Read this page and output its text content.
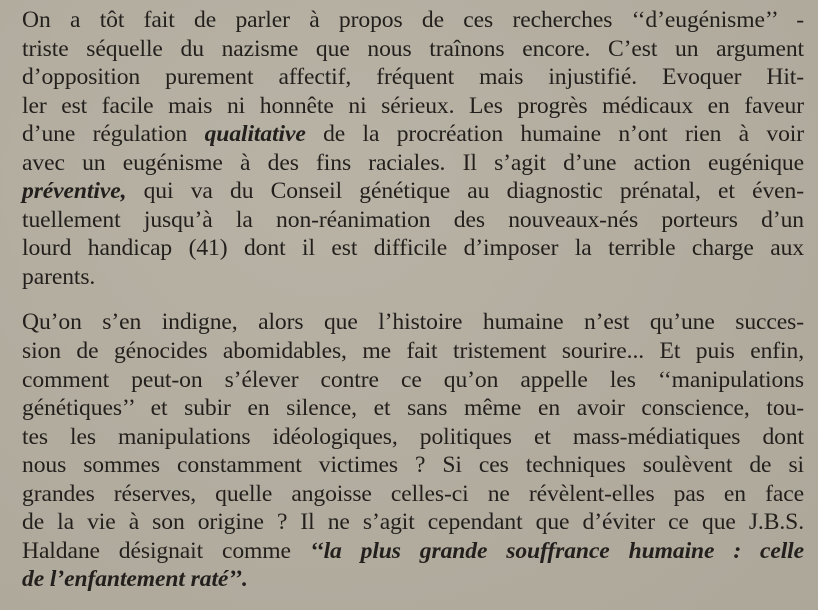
On a tôt fait de parler à propos de ces recherches ‘‘d’eugénisme’’ -
triste séquelle du nazisme que nous traînons encore. C’est un argument
d’opposition purement affectif, fréquent mais injustifié. Evoquer Hit-
ler est facile mais ni honnête ni sérieux. Les progrès médicaux en faveur
d’une régulation qualitative de la procréation humaine n’ont rien à voir
avec un eugénisme à des fins raciales. Il s’agit d’une action eugénique
préventive, qui va du Conseil génétique au diagnostic prénatal, et éven-
tuellement jusqu’à la non-réanimation des nouveaux-nés porteurs d’un
lourd handicap (41) dont il est difficile d’imposer la terrible charge aux
parents.
Qu’on s’en indigne, alors que l’histoire humaine n’est qu’une succes-
sion de génocides abomidables, me fait tristement sourire... Et puis enfin,
comment peut-on s’élever contre ce qu’on appelle les ‘‘manipulations
génétiques’’ et subir en silence, et sans même en avoir conscience, tou-
tes les manipulations idéologiques, politiques et mass-médiatiques dont
nous sommes constamment victimes ? Si ces techniques soulèvent de si
grandes réserves, quelle angoisse celles-ci ne révèlent-elles pas en face
de la vie à son origine ? Il ne s’agit cependant que d’éviter ce que J.B.S.
Haldane désignait comme ‘‘la plus grande souffrance humaine : celle
de l’enfantement raté’’.
